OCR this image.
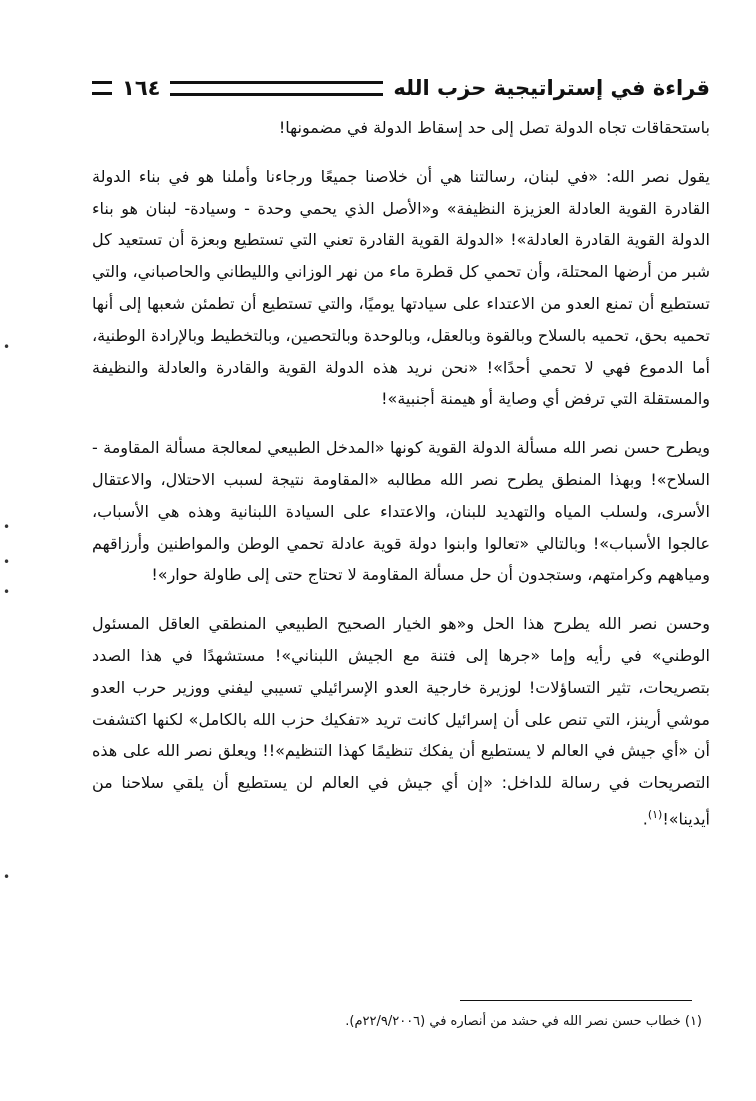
قراءة في إستراتيجية حزب الله
١٦٤

باستحقاقات تجاه الدولة تصل إلى حد إسقاط الدولة في مضمونها!

يقول نصر الله: «في لبنان، رسالتنا هي أن خلاصنا جميعًا ورجاءنا وأملنا هو في بناء الدولة القادرة القوية العادلة العزيزة النظيفة» و«الأصل الذي يحمي وحدة - وسيادة- لبنان هو بناء الدولة القوية القادرة العادلة»! «الدولة القوية القادرة تعني التي تستطيع وبعزة أن تستعيد كل شبر من أرضها المحتلة، وأن تحمي كل قطرة ماء من نهر الوزاني والليطاني والحاصباني، والتي تستطيع أن تمنع العدو من الاعتداء على سيادتها يوميًا، والتي تستطيع أن تطمئن شعبها إلى أنها تحميه بحق، تحميه بالسلاح وبالقوة وبالعقل، وبالوحدة وبالتحصين، وبالتخطيط وبالإرادة الوطنية، أما الدموع فهي لا تحمي أحدًا»! «نحن نريد هذه الدولة القوية والقادرة والعادلة والنظيفة والمستقلة التي ترفض أي وصاية أو هيمنة أجنبية»!

ويطرح حسن نصر الله مسألة الدولة القوية كونها «المدخل الطبيعي لمعالجة مسألة المقاومة - السلاح»! وبهذا المنطق يطرح نصر الله مطالبه «المقاومة نتيجة لسبب الاحتلال، والاعتقال الأسرى، ولسلب المياه والتهديد للبنان، والاعتداء على السيادة اللبنانية وهذه هي الأسباب، عالجوا الأسباب»! وبالتالي «تعالوا وابنوا دولة قوية عادلة تحمي الوطن والمواطنين وأرزاقهم ومياههم وكرامتهم، وستجدون أن حل مسألة المقاومة لا تحتاج حتى إلى طاولة حوار»!

وحسن نصر الله يطرح هذا الحل و«هو الخيار الصحيح الطبيعي المنطقي العاقل المسئول الوطني» في رأيه وإما «جرها إلى فتنة مع الجيش اللبناني»! مستشهدًا في هذا الصدد بتصريحات، تثير التساؤلات! لوزيرة خارجية العدو الإسرائيلي تسيبي ليفني ووزير حرب العدو موشي أرينز، التي تنص على أن إسرائيل كانت تريد «تفكيك حزب الله بالكامل» لكنها اكتشفت أن «أي جيش في العالم لا يستطيع أن يفكك تنظيمًا كهذا التنظيم»!! ويعلق نصر الله على هذه التصريحات في رسالة للداخل: «إن أي جيش في العالم لن يستطيع أن يلقي سلاحنا من أيدينا»!$^{(١)}$.

(١) خطاب حسن نصر الله في حشد من أنصاره في (٢٢/٩/٢٠٠٦م).
•
•
•
•
•
